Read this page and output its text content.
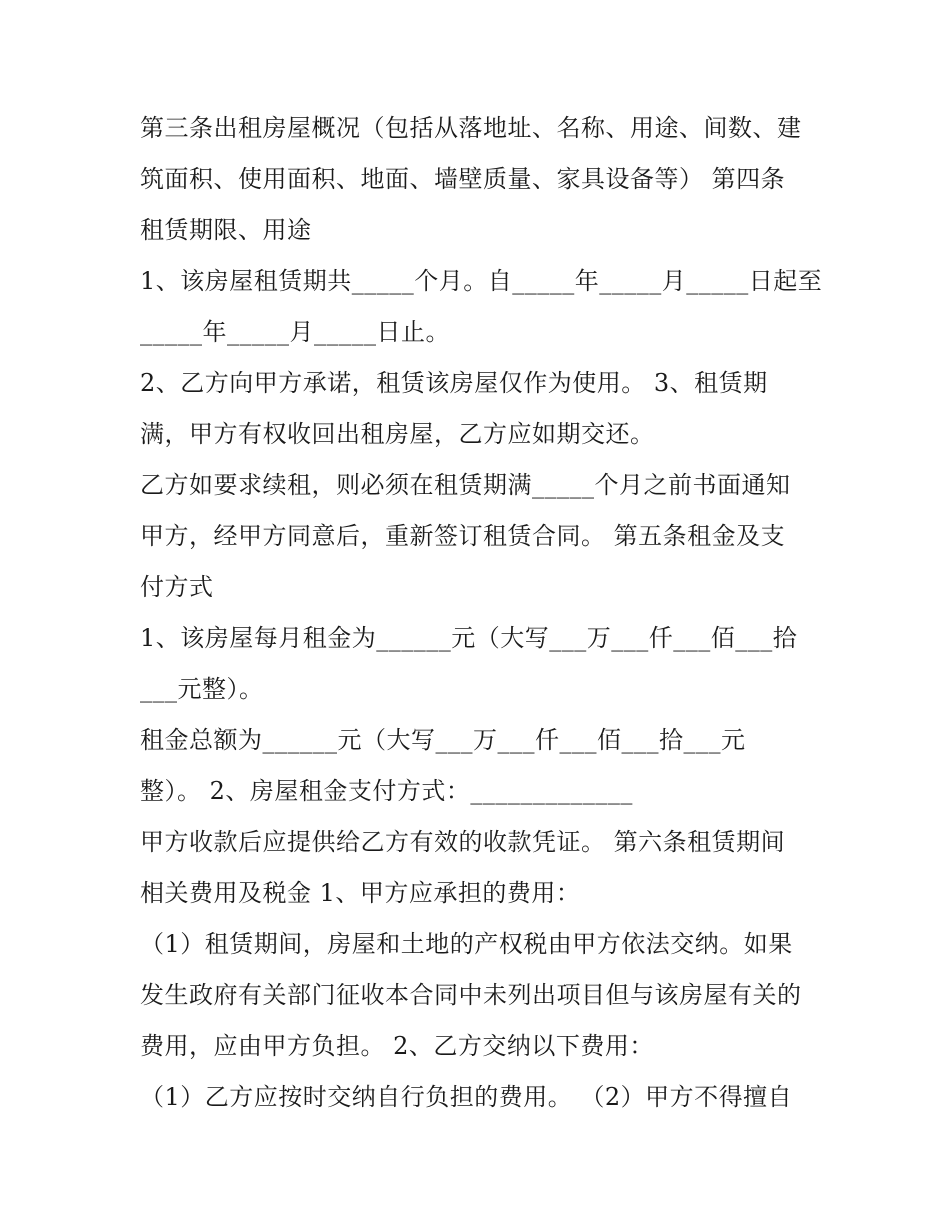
第三条出租房屋概况（包括从落地址、名称、用途、间数、建
筑面积、使用面积、地面、墙壁质量、家具设备等） 第四条
租赁期限、用途
1、该房屋租赁期共_____个月。自_____年_____月_____日起至
_____年_____月_____日止。
2、乙方向甲方承诺，租赁该房屋仅作为使用。 3、租赁期
满，甲方有权收回出租房屋，乙方应如期交还。
乙方如要求续租，则必须在租赁期满_____个月之前书面通知
甲方，经甲方同意后，重新签订租赁合同。 第五条租金及支
付方式
1、该房屋每月租金为______元（大写___万___仟___佰___拾
___元整）。
租金总额为______元（大写___万___仟___佰___拾___元
整）。 2、房屋租金支付方式：_____________
甲方收款后应提供给乙方有效的收款凭证。 第六条租赁期间
相关费用及税金 1、甲方应承担的费用：
（1）租赁期间，房屋和土地的产权税由甲方依法交纳。如果
发生政府有关部门征收本合同中未列出项目但与该房屋有关的
费用，应由甲方负担。 2、乙方交纳以下费用：
（1）乙方应按时交纳自行负担的费用。 （2）甲方不得擅自
